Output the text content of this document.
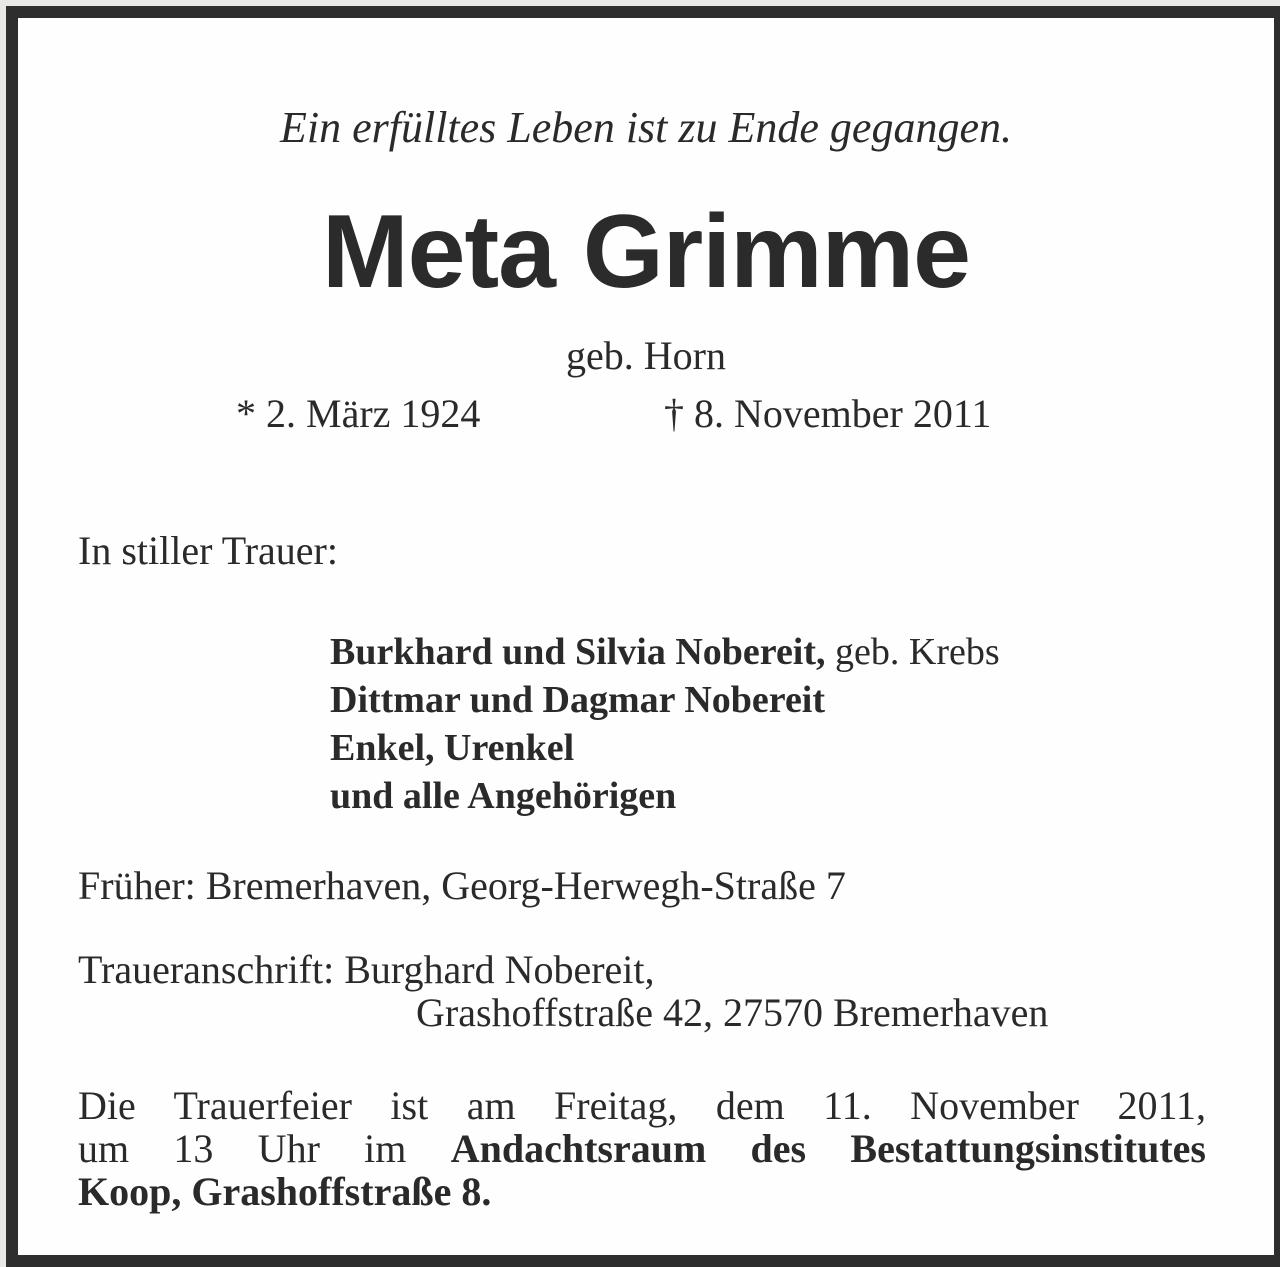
Ein erfülltes Leben ist zu Ende gegangen.

Meta Grimme

geb. Horn

* 2. März 1924	† 8. November 2011

In stiller Trauer:

Burkhard und Silvia Nobereit, geb. Krebs
Dittmar und Dagmar Nobereit
Enkel, Urenkel
und alle Angehörigen

Früher: Bremerhaven, Georg-Herwegh-Straße 7

Traueranschrift: Burghard Nobereit,

Grashoffstraße 42, 27570 Bremerhaven

Die Trauerfeier ist am Freitag, dem 11. November 2011,
um 13 Uhr im Andachtsraum des Bestattungsinstitutes
Koop, Grashoffstraße 8.
